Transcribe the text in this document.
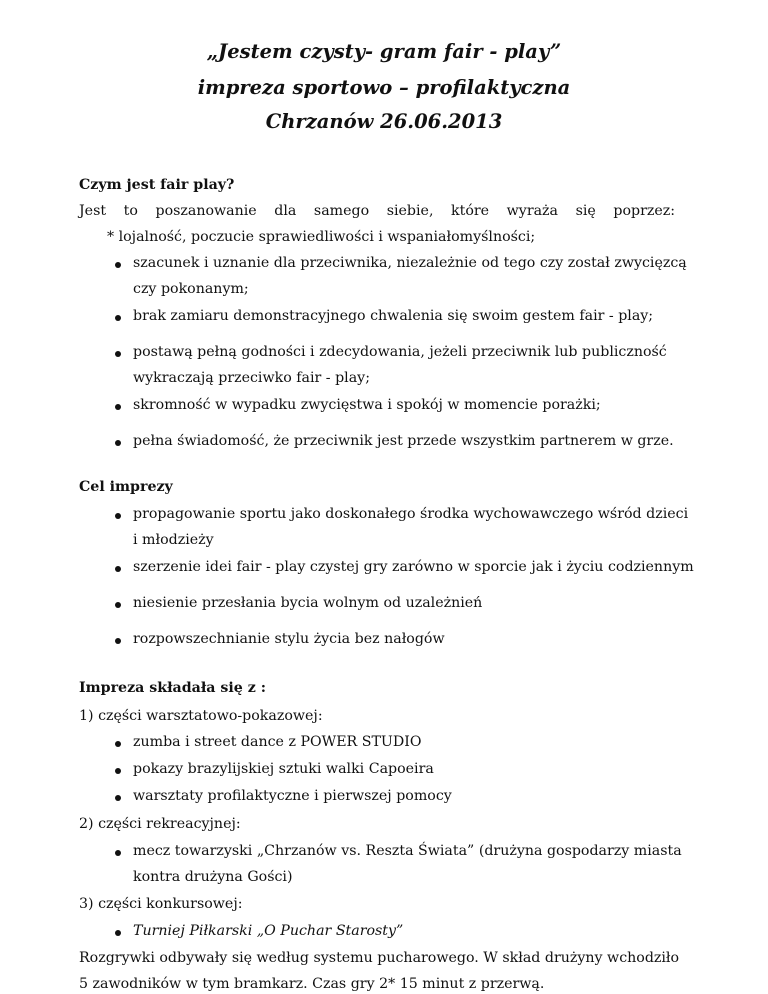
„Jestem czysty- gram fair - play”
impreza sportowo – profilaktyczna
Chrzanów 26.06.2013
Czym jest fair play?
Jest to poszanowanie dla samego siebie, które wyraża się poprzez:
* lojalność, poczucie sprawiedliwości i wspaniałomyślności;
szacunek i uznanie dla przeciwnika, niezależnie od tego czy został zwycięzcą
czy pokonanym;
brak zamiaru demonstracyjnego chwalenia się swoim gestem fair - play;
postawą pełną godności i zdecydowania, jeżeli przeciwnik lub publiczność
wykraczają przeciwko fair - play;
skromność w wypadku zwycięstwa i spokój w momencie porażki;
pełna świadomość, że przeciwnik jest przede wszystkim partnerem w grze.
Cel imprezy
propagowanie sportu jako doskonałego środka wychowawczego wśród dzieci
i młodzieży
szerzenie idei fair - play czystej gry zarówno w sporcie jak i życiu codziennym
niesienie przesłania bycia wolnym od uzależnień
rozpowszechnianie stylu życia bez nałogów
Impreza składała się z :
1) części warsztatowo-pokazowej:
zumba i street dance z POWER STUDIO
pokazy brazylijskiej sztuki walki Capoeira
warsztaty profilaktyczne i pierwszej pomocy
2) części rekreacyjnej:
mecz towarzyski „Chrzanów vs. Reszta Świata” (drużyna gospodarzy miasta
kontra drużyna Gości)
3) części konkursowej:
Turniej Piłkarski „O Puchar Starosty”
Rozgrywki odbywały się według systemu pucharowego. W skład drużyny wchodziło
5 zawodników w tym bramkarz. Czas gry 2* 15 minut z przerwą.
